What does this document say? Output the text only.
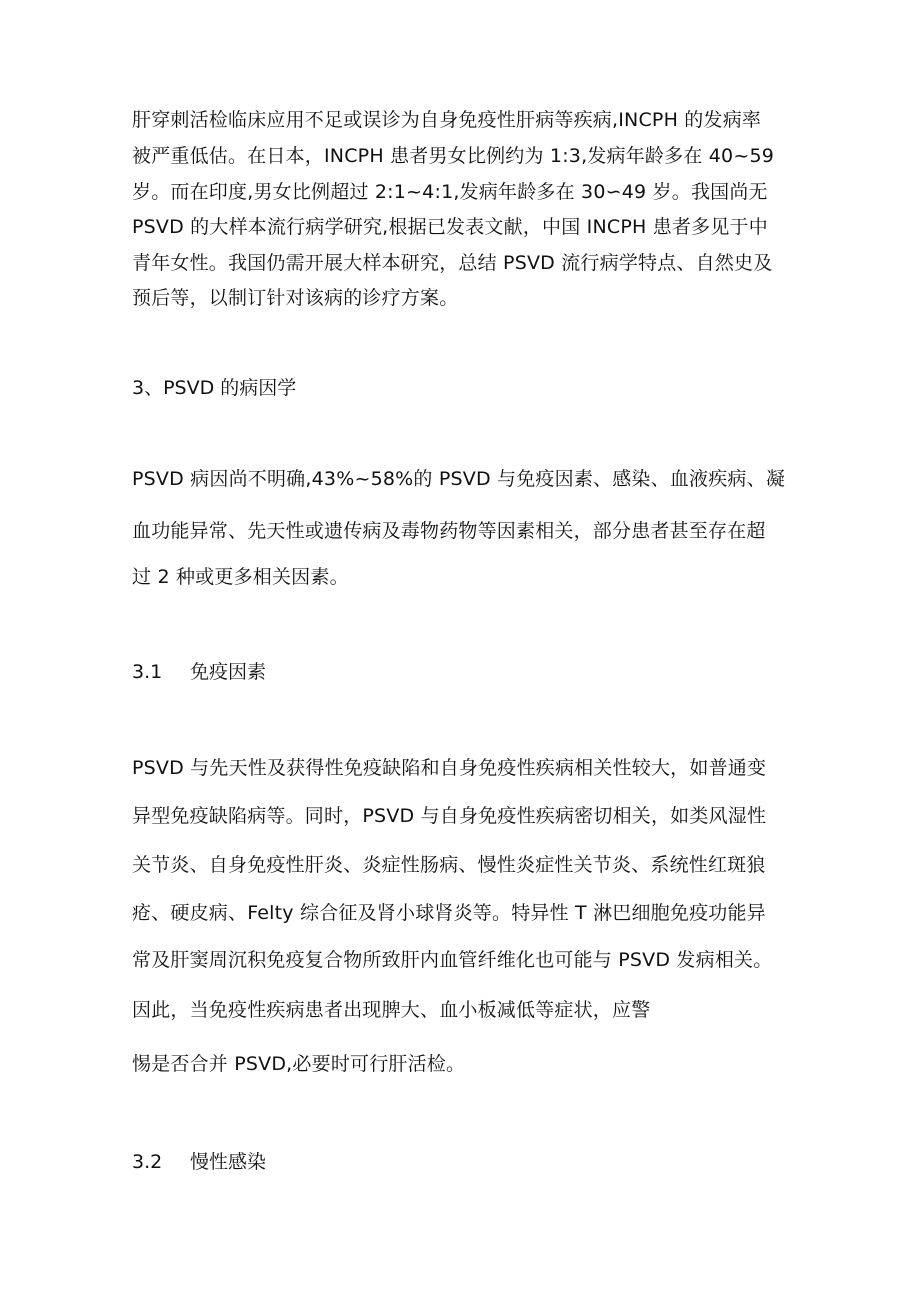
肝穿刺活检临床应用不足或误诊为自身免疫性肝病等疾病,INCPH 的发病率

被严重低估。在日本，INCPH 患者男女比例约为 1:3,发病年龄多在 40~59

岁。而在印度,男女比例超过 2:1~4:1,发病年龄多在 30∽49 岁。我国尚无

PSVD 的大样本流行病学研究,根据已发表文献，中国 INCPH 患者多见于中

青年女性。我国仍需开展大样本研究，总结 PSVD 流行病学特点、自然史及

预后等，以制订针对该病的诊疗方案。

3、PSVD 的病因学

PSVD 病因尚不明确,43%~58%的 PSVD 与免疫因素、感染、血液疾病、凝

血功能异常、先天性或遗传病及毒物药物等因素相关，部分患者甚至存在超

过 2 种或更多相关因素。

3.1 免疫因素

PSVD 与先天性及获得性免疫缺陷和自身免疫性疾病相关性较大，如普通变

异型免疫缺陷病等。同时，PSVD 与自身免疫性疾病密切相关，如类风湿性

关节炎、自身免疫性肝炎、炎症性肠病、慢性炎症性关节炎、系统性红斑狼

疮、硬皮病、Felty 综合征及肾小球肾炎等。特异性 T 淋巴细胞免疫功能异

常及肝窦周沉积免疫复合物所致肝内血管纤维化也可能与 PSVD 发病相关。

因此，当免疫性疾病患者出现脾大、血小板减低等症状，应警

惕是否合并 PSVD,必要时可行肝活检。

3.2 慢性感染
